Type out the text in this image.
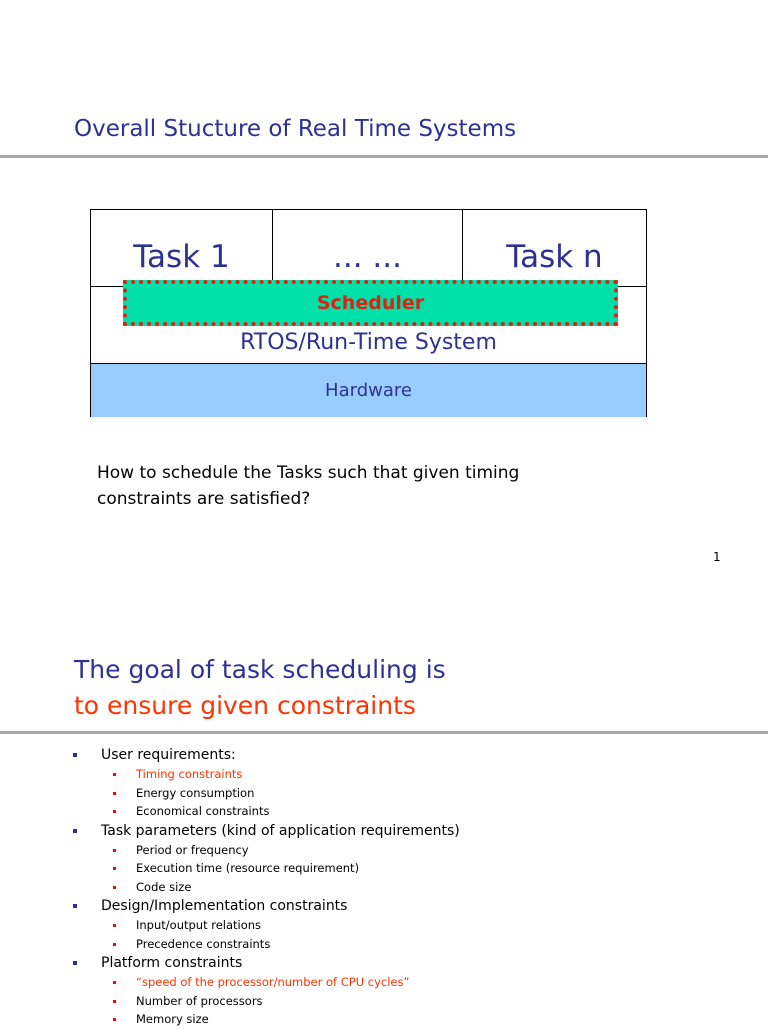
Overall Stucture of Real Time Systems
Task 1	... ...	Task n
RTOS/Run-Time System
Scheduler
Hardware

How to schedule the Tasks such that given timing constraints are satisfied?

1
The goal of task scheduling is
to ensure given constraints
User requirements:
Timing constraints
Energy consumption
Economical constraints
Task parameters (kind of application requirements)
Period or frequency
Execution time (resource requirement)
Code size
Design/Implementation constraints
Input/output relations
Precedence constraints
Platform constraints
“speed of the processor/number of CPU cycles”
Number of processors
Memory size
